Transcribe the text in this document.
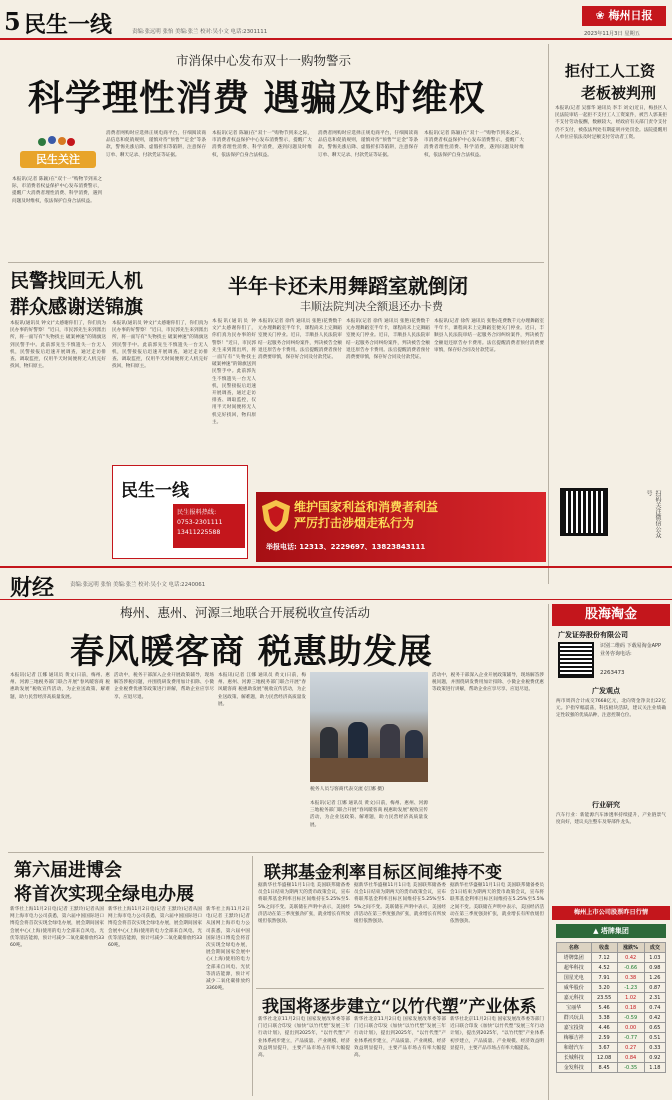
5 民生一线	责编:张远明 张怡 美编:张兰 校对:吴小文 电话:2301111
❀ 梅州日报
2023年11月3日 星期五
市消保中心发布双十一购物警示
科学理性消费 遇骗及时维权
民生关注
本报讯(记者 陈颖)在“双十一”购物节到来之际，市消费者权益保护中心发布消费警示，提醒广大消费者理性消费、科学消费，遇到问题及时维权，依法保护自身合法权益。
消费者网购时应选择正规电商平台，仔细阅读商品信息和促销规则，谨慎对待“预售”“定金”等条款，警惕先涨后降、虚假折扣等陷阱，注意保存订单、聊天记录、付款凭证等证据。
本报讯(记者 陈颖)在“双十一”购物节到来之际，市消费者权益保护中心发布消费警示，提醒广大消费者理性消费、科学消费，遇到问题及时维权，依法保护自身合法权益。
消费者网购时应选择正规电商平台，仔细阅读商品信息和促销规则，谨慎对待“预售”“定金”等条款，警惕先涨后降、虚假折扣等陷阱，注意保存订单、聊天记录、付款凭证等证据。
本报讯(记者 陈颖)在“双十一”购物节到来之际，市消费者权益保护中心发布消费警示，提醒广大消费者理性消费、科学消费，遇到问题及时维权，依法保护自身合法权益。
拒付工人工资
老板被判刑
本报讯(记者 吴群华 通讯员 李丰 刘文)近日，梅县区人民法院审结一起拒不支付工人工资案件，被告人郭某拒不支付劳动报酬，数额较大，经政府有关部门责令支付仍不支付，被依法判处有期徒刑并处罚金。法院提醒用人单位应依法及时足额支付劳动者工资。
扫码关注微信公众号
民警找回无人机
群众感谢送锦旗
本报讯(通讯员 钟文)“太感谢你们了，你们真为民办事的好警察！”近日，市民郭先生来到派出所，将一面写有“失物找主 破案神速”的锦旗送到民警手中。此前郭先生不慎遗失一台无人机，民警接报后迅速开展调查，通过走访排查、调取监控，仅用半天时间便将无人机完好找回，物归原主。
本报讯(通讯员 钟文)“太感谢你们了，你们真为民办事的好警察！”近日，市民郭先生来到派出所，将一面写有“失物找主 破案神速”的锦旗送到民警手中。此前郭先生不慎遗失一台无人机，民警接报后迅速开展调查，通过走访排查、调取监控，仅用半天时间便将无人机完好找回，物归原主。
半年卡还未用舞蹈室就倒闭
丰顺法院判决全额退还办卡费
本报讯(记者 徐传 通讯员 张艳)花费数千元办理舞蹈室半年卡，课程尚未上完舞蹈室便关门停业。近日，丰顺县人民法院审结一起服务合同纠纷案件，判决被告全额退还原告办卡费用。法官提醒消费者预付消费要审慎，保存好合同及付款凭证。
本报讯(记者 徐传 通讯员 张艳)花费数千元办理舞蹈室半年卡，课程尚未上完舞蹈室便关门停业。近日，丰顺县人民法院审结一起服务合同纠纷案件，判决被告全额退还原告办卡费用。法官提醒消费者预付消费要审慎，保存好合同及付款凭证。
本报讯(记者 徐传 通讯员 张艳)花费数千元办理舞蹈室半年卡，课程尚未上完舞蹈室便关门停业。近日，丰顺县人民法院审结一起服务合同纠纷案件，判决被告全额退还原告办卡费用。法官提醒消费者预付消费要审慎，保存好合同及付款凭证。
本报讯(通讯员 钟文)“太感谢你们了，你们真为民办事的好警察！”近日，市民郭先生来到派出所，将一面写有“失物找主 破案神速”的锦旗送到民警手中。此前郭先生不慎遗失一台无人机，民警接报后迅速开展调查，通过走访排查、调取监控，仅用半天时间便将无人机完好找回，物归原主。
民生一线
民生报料热线:
0753-2301111
13411225588
维护国家利益和消费者利益
严厉打击涉烟走私行为
举报电话: 12313、2229697、13823843111
财经	责编:张远明 张怡 美编:张兰 校对:吴小文 电话:2240061
梅州、惠州、河源三地联合开展税收宣传活动
春风暖客商 税惠助发展
本报讯(记者 江娜 通讯员 黄文)日前，梅州、惠州、河源三地税务部门联合开展“春风暖客商 税惠助发展”税收宣传活动，为企业送政策、解难题，助力民营经济高质量发展。
活动中，税务干部深入企业开展政策辅导，现场解答涉税问题，并围绕研发费用加计扣除、小微企业税费优惠等政策进行讲解，帮助企业应享尽享、应退尽退。
本报讯(记者 江娜 通讯员 黄文)日前，梅州、惠州、河源三地税务部门联合开展“春风暖客商 税惠助发展”税收宣传活动，为企业送政策、解难题，助力民营经济高质量发展。
活动中，税务干部深入企业开展政策辅导，现场解答涉税问题，并围绕研发费用加计扣除、小微企业税费优惠等政策进行讲解，帮助企业应享尽享、应退尽退。
税务人员与客商代表交流 (江娜 摄)
本报讯(记者 江娜 通讯员 黄文)日前，梅州、惠州、河源三地税务部门联合开展“春风暖客商 税惠助发展”税收宣传活动，为企业送政策、解难题，助力民营经济高质量发展。
股海淘金
广发证券股份有限公司
识别二维码 下载易淘金APP 业务咨询电话:
2263473
广发观点
两市周四合计成交7668亿元，北向资金净卖出22亿元。沪指窄幅震荡，科技板块活跃，建议关注业绩确定性较强的优质品种，注意控制仓位。
行业研究
汽车行业：新能源汽车渗透率持续提升，产业链景气度向好，建议关注整车及零部件龙头。
梅州上市公司股票昨日行情
▲ 塔牌集团
名称	收盘	涨跌%	成交
塔牌集团	7.12	0.42	1.03
超华科技	4.52	-0.66	0.98
国星光电	7.91	0.38	1.26
威华股份	3.20	-1.23	0.87
嘉元科技	23.55	1.02	2.31
宝丽华	5.46	0.18	0.74
群兴玩具	3.38	-0.59	0.42
嘉宝投资	4.46	0.00	0.65
梅雁吉祥	2.59	-0.77	0.51
和谐汽车	3.67	0.27	0.33
长城科技	12.08	0.84	0.92
金发科技	8.45	-0.35	1.18
第六届进博会
将首次实现全绿电办展
新华社上海11月2日电(记者 王默玲)记者从国网上海市电力公司获悉，第六届中国国际进口博览会将首次实现全绿电办展，展会期间国家会展中心(上海)使用的电力全部来自风电、光伏等清洁能源，预计可减少二氧化碳排放约3360吨。
新华社上海11月2日电(记者 王默玲)记者从国网上海市电力公司获悉，第六届中国国际进口博览会将首次实现全绿电办展，展会期间国家会展中心(上海)使用的电力全部来自风电、光伏等清洁能源，预计可减少二氧化碳排放约3360吨。
新华社上海11月2日电(记者 王默玲)记者从国网上海市电力公司获悉，第六届中国国际进口博览会将首次实现全绿电办展，展会期间国家会展中心(上海)使用的电力全部来自风电、光伏等清洁能源，预计可减少二氧化碳排放约3360吨。
联邦基金利率目标区间维持不变
据新华社华盛顿11月1日电 美国联邦储备委员会1日结束为期两天的货币政策会议，宣布将联邦基金利率目标区间维持在5.25%至5.5%之间不变。美联储在声明中表示，美国经济活动在第三季度强劲扩张，就业增长有所放缓但依然强劲。
据新华社华盛顿11月1日电 美国联邦储备委员会1日结束为期两天的货币政策会议，宣布将联邦基金利率目标区间维持在5.25%至5.5%之间不变。美联储在声明中表示，美国经济活动在第三季度强劲扩张，就业增长有所放缓但依然强劲。
据新华社华盛顿11月1日电 美国联邦储备委员会1日结束为期两天的货币政策会议，宣布将联邦基金利率目标区间维持在5.25%至5.5%之间不变。美联储在声明中表示，美国经济活动在第三季度强劲扩张，就业增长有所放缓但依然强劲。
我国将逐步建立“以竹代塑”产业体系
新华社北京11月2日电 国家发展改革委等部门近日联合印发《加快“以竹代塑”发展三年行动计划》，提出到2025年，“以竹代塑”产业体系初步建立，产品质量、产业规模、经济效益明显提升，主要产品市场占有率大幅提高。
新华社北京11月2日电 国家发展改革委等部门近日联合印发《加快“以竹代塑”发展三年行动计划》，提出到2025年，“以竹代塑”产业体系初步建立，产品质量、产业规模、经济效益明显提升，主要产品市场占有率大幅提高。
新华社北京11月2日电 国家发展改革委等部门近日联合印发《加快“以竹代塑”发展三年行动计划》，提出到2025年，“以竹代塑”产业体系初步建立，产品质量、产业规模、经济效益明显提升，主要产品市场占有率大幅提高。
